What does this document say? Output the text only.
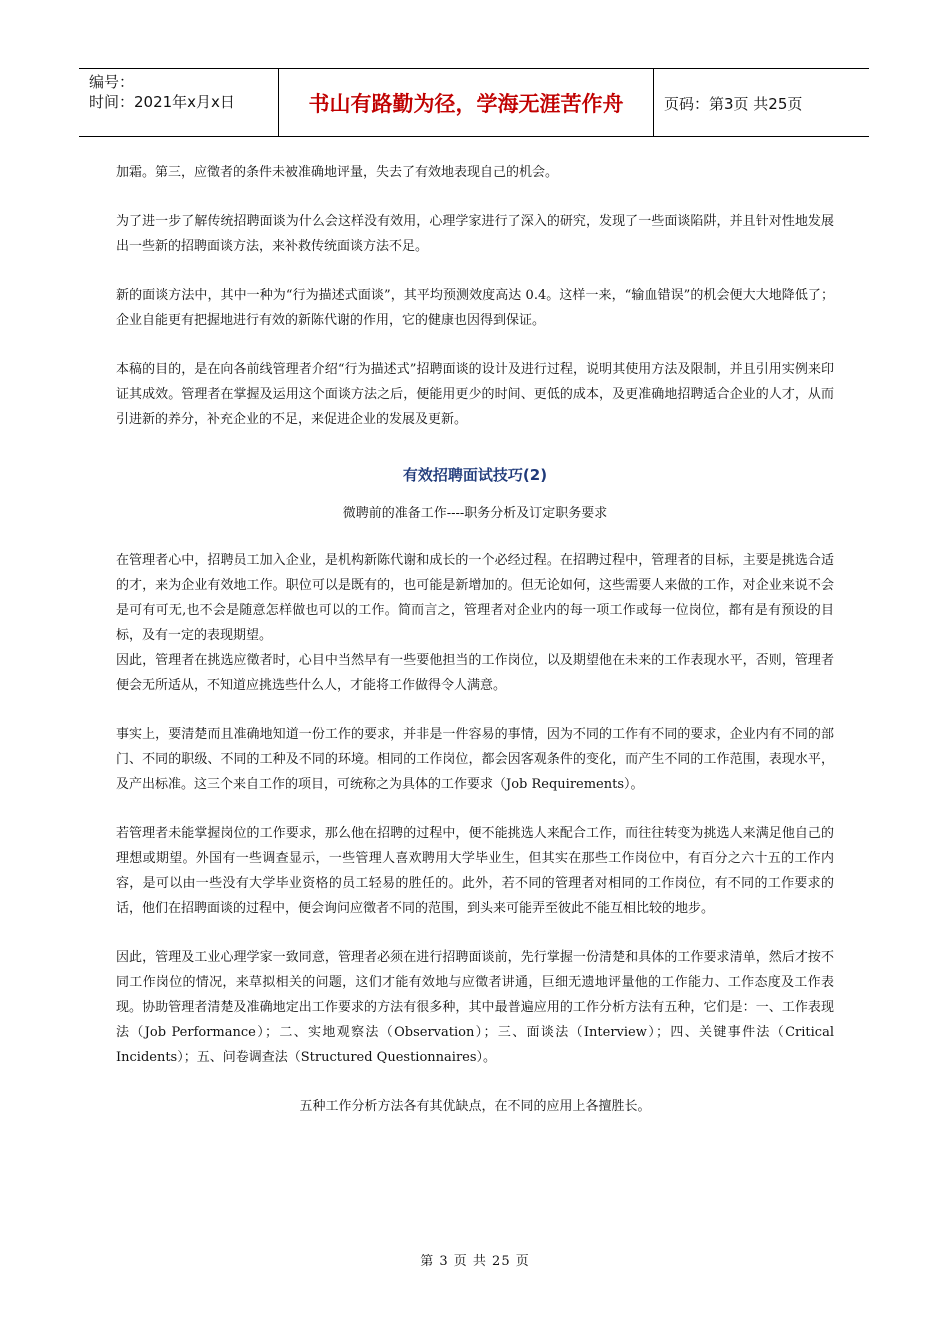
编号：
时间：2021年x月x日	书山有路勤为径，学海无涯苦作舟	页码：第3页 共25页

加霜。第三，应徵者的条件未被准确地评量，失去了有效地表现自己的机会。

为了进一步了解传统招聘面谈为什么会这样没有效用，心理学家进行了深入的研究，发现了一些面谈陷阱，并且针对性地发展出一些新的招聘面谈方法，来补救传统面谈方法不足。

新的面谈方法中，其中一种为“行为描述式面谈”，其平均预测效度高达 0.4。这样一来，“输血错误”的机会便大大地降低了；企业自能更有把握地进行有效的新陈代谢的作用，它的健康也因得到保证。

本稿的目的，是在向各前线管理者介绍“行为描述式”招聘面谈的设计及进行过程，说明其使用方法及限制，并且引用实例来印证其成效。管理者在掌握及运用这个面谈方法之后，便能用更少的时间、更低的成本，及更准确地招聘适合企业的人才，从而引进新的养分，补充企业的不足，来促进企业的发展及更新。

有效招聘面试技巧(2)
微聘前的准备工作----职务分析及订定职务要求

在管理者心中，招聘员工加入企业，是机构新陈代谢和成长的一个必经过程。在招聘过程中，管理者的目标，主要是挑选合适的才，来为企业有效地工作。职位可以是既有的，也可能是新增加的。但无论如何，这些需要人来做的工作，对企业来说不会是可有可无,也不会是随意怎样做也可以的工作。简而言之，管理者对企业内的每一项工作或每一位岗位，都有是有预设的目标，及有一定的表现期望。

因此，管理者在挑选应徵者时，心目中当然早有一些要他担当的工作岗位，以及期望他在未来的工作表现水平，否则，管理者便会无所适从，不知道应挑选些什么人，才能将工作做得令人满意。

事实上，要清楚而且准确地知道一份工作的要求，并非是一件容易的事情，因为不同的工作有不同的要求，企业内有不同的部门、不同的职级、不同的工种及不同的环境。相同的工作岗位，都会因客观条件的变化，而产生不同的工作范围，表现水平，及产出标准。这三个来自工作的项目，可统称之为具体的工作要求（Job Requirements）。

若管理者未能掌握岗位的工作要求，那么他在招聘的过程中，便不能挑选人来配合工作，而往往转变为挑选人来满足他自己的理想或期望。外国有一些调查显示，一些管理人喜欢聘用大学毕业生，但其实在那些工作岗位中，有百分之六十五的工作内容，是可以由一些没有大学毕业资格的员工轻易的胜任的。此外，若不同的管理者对相同的工作岗位，有不同的工作要求的话，他们在招聘面谈的过程中，便会询问应徵者不同的范围，到头来可能弄至彼此不能互相比较的地步。

因此，管理及工业心理学家一致同意，管理者必须在进行招聘面谈前，先行掌握一份清楚和具体的工作要求清单，然后才按不同工作岗位的情况，来草拟相关的问题，这们才能有效地与应徵者讲通，巨细无遗地评量他的工作能力、工作态度及工作表现。协助管理者清楚及准确地定出工作要求的方法有很多种，其中最普遍应用的工作分析方法有五种，它们是：一、工作表现法（Job Performance）；二、实地观察法（Observation）；三、面谈法（Interview）；四、关键事件法（Critical Incidents）；五、问卷调查法（Structured Questionnaires）。

五种工作分析方法各有其优缺点，在不同的应用上各擅胜长。

第 3 页 共 25 页
